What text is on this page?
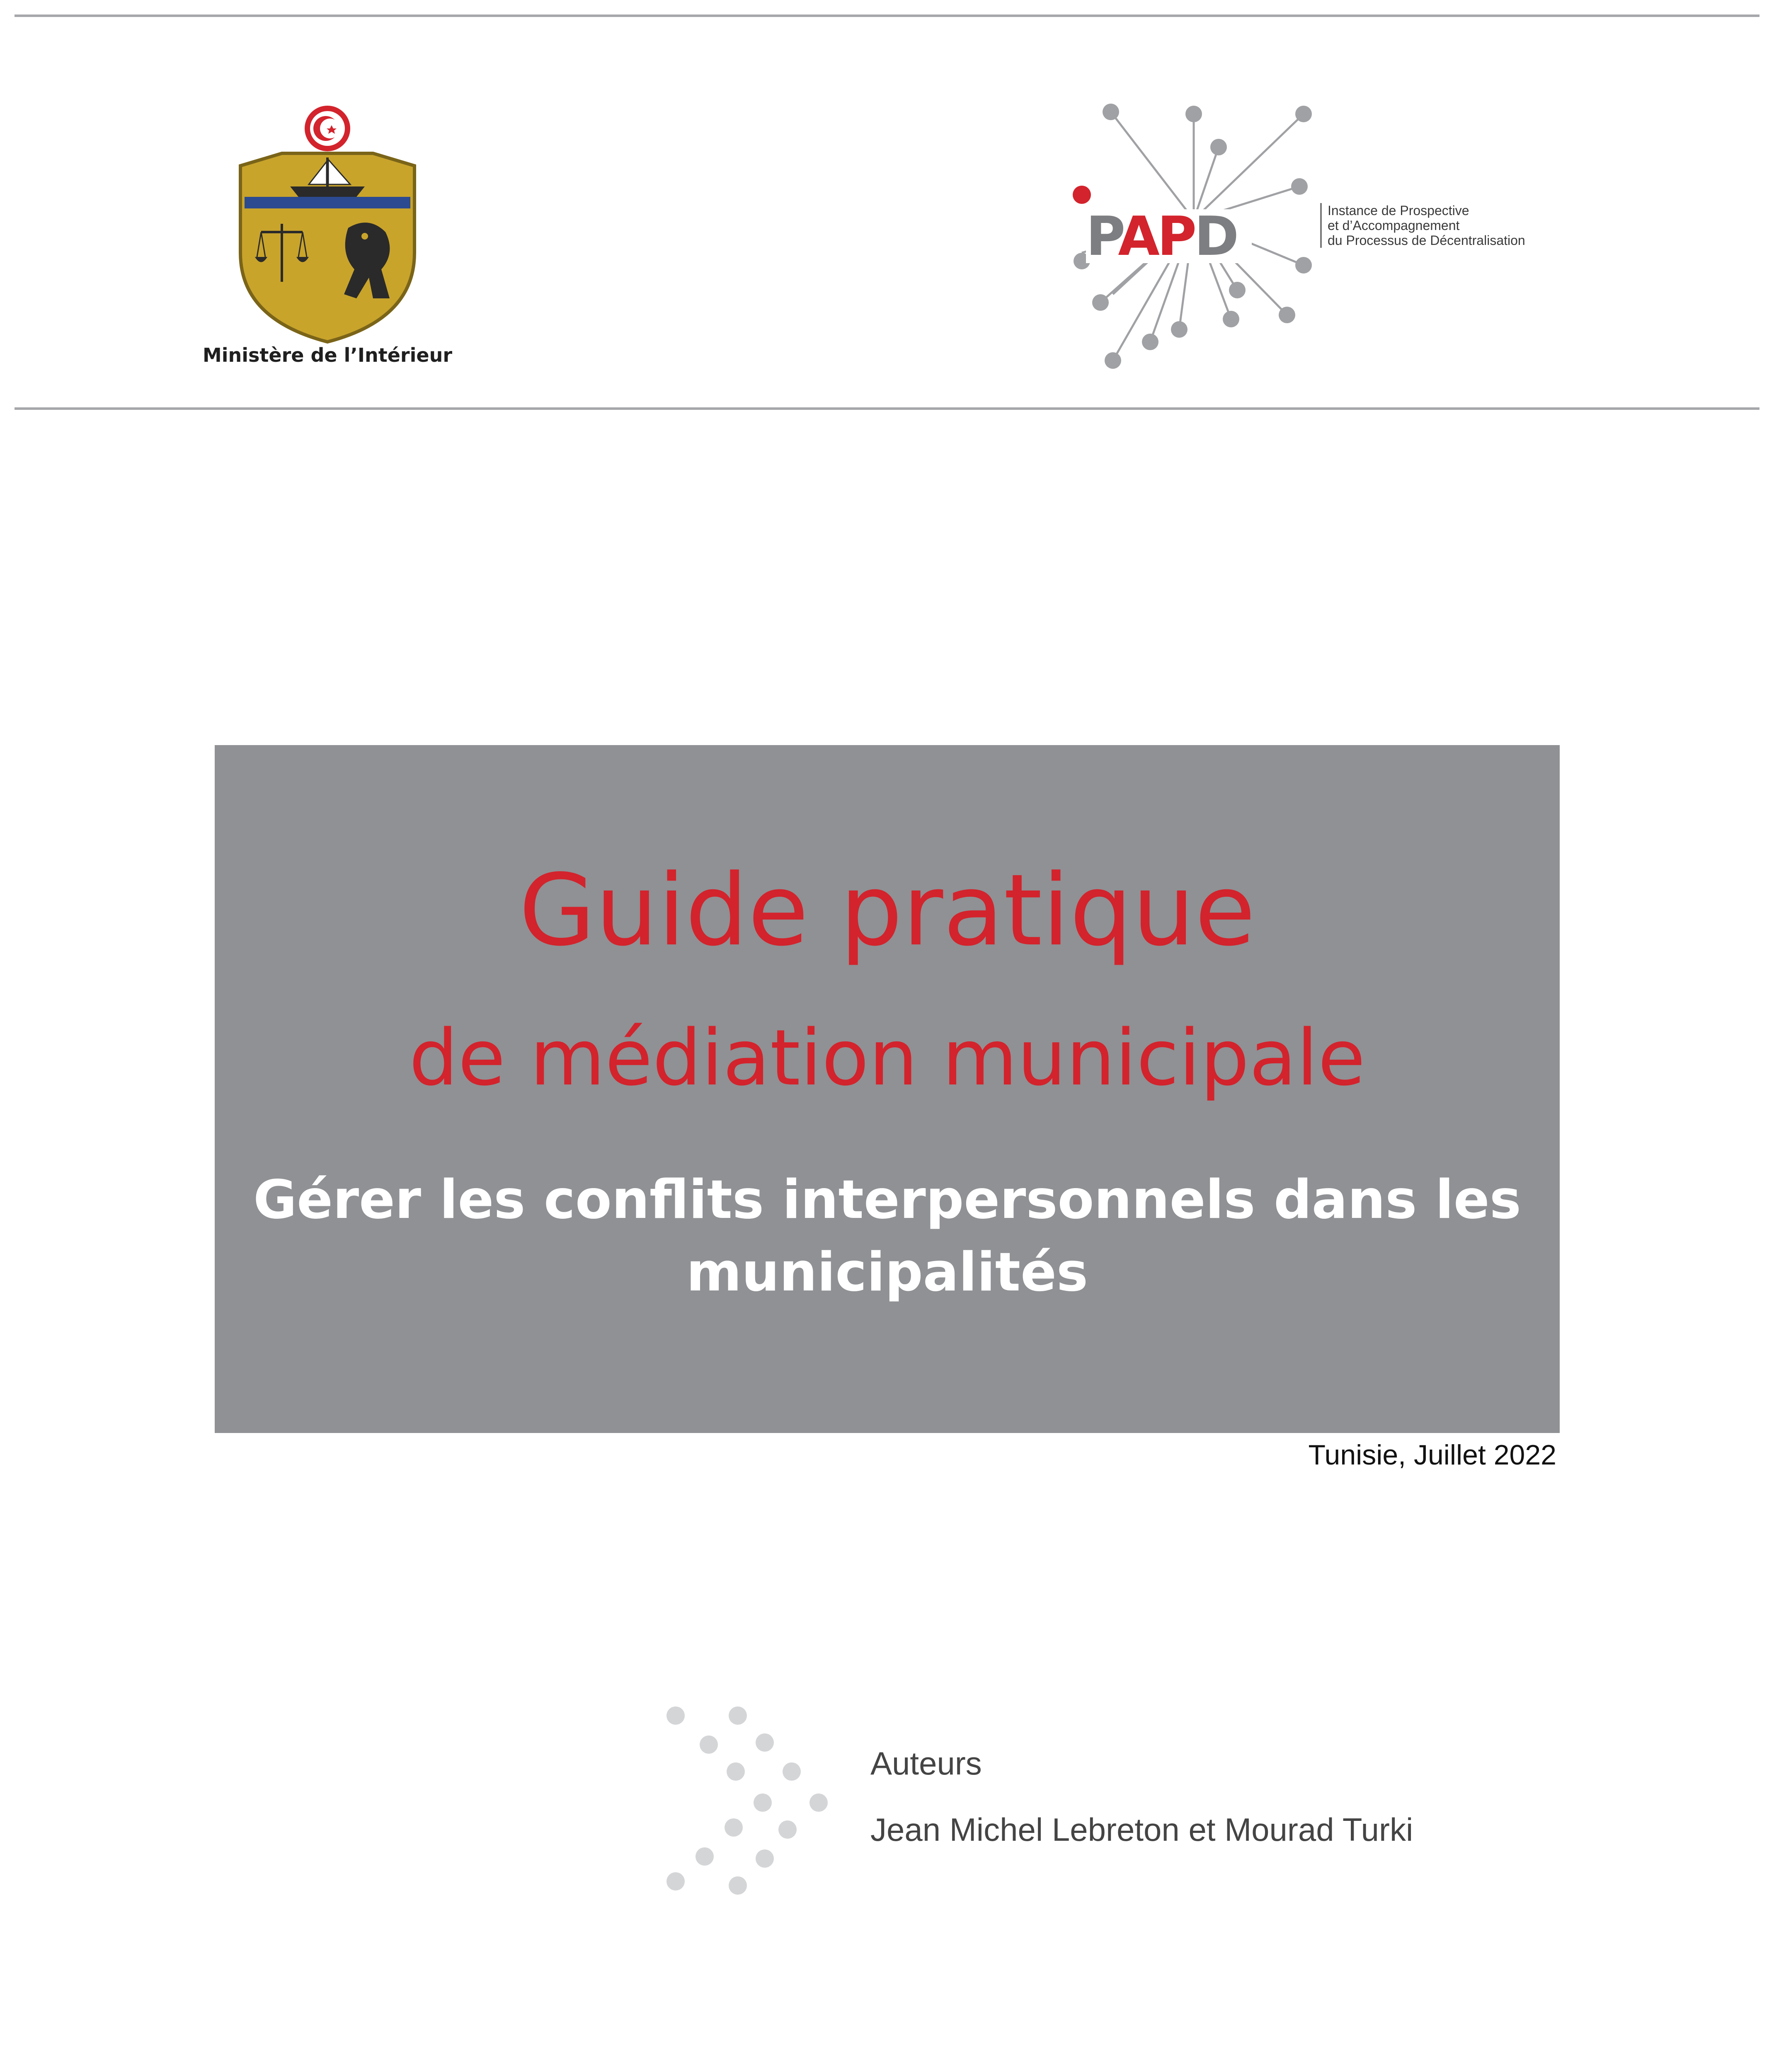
Ministère de l’Intérieur
PAPD	Instance de Prospective
et d’Accompagnement
du Processus de Décentralisation
Guide pratique
de médiation municipale
Gérer les conflits interpersonnels dans les
municipalités
Tunisie, Juillet 2022
Auteurs
Jean Michel Lebreton et Mourad Turki
